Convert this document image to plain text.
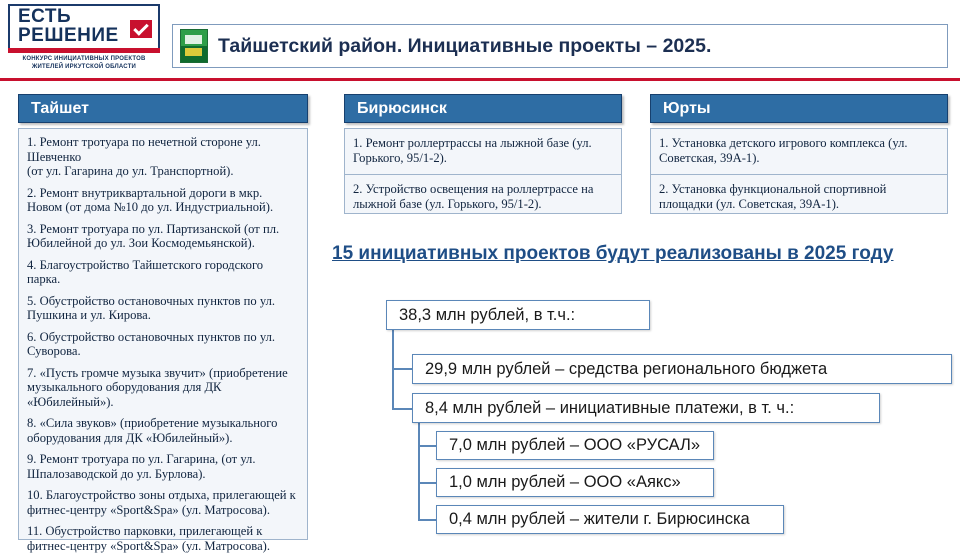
ЕСТЬ
РЕШЕНИЕ
КОНКУРС ИНИЦИАТИВНЫХ ПРОЕКТОВ ЖИТЕЛЕЙ ИРКУТСКОЙ ОБЛАСТИ
Тайшетский район. Инициативные проекты – 2025.
Тайшет	Бирюсинск	Юрты

1. Ремонт тротуара по нечетной стороне ул. Шевченко

(от ул. Гагарина до ул. Транспортной).

2. Ремонт внутриквартальной дороги в мкр. Новом (от дома №10 до ул. Индустриальной).

3. Ремонт тротуара по ул. Партизанской (от пл. Юбилейной до ул. Зои Космодемьянской).

4. Благоустройство Тайшетского городского парка.

5. Обустройство остановочных пунктов по ул. Пушкина и ул. Кирова.

6. Обустройство остановочных пунктов по ул. Суворова.

7. «Пусть громче музыка звучит» (приобретение музыкального оборудования для ДК «Юбилейный»).

8. «Сила звуков» (приобретение музыкального оборудования для ДК «Юбилейный»).

9. Ремонт тротуара по ул. Гагарина, (от ул. Шпалозаводской до ул. Бурлова).

10. Благоустройство зоны отдыха, прилегающей к фитнес-центру «Sport&Spa» (ул. Матросова).

11. Обустройство парковки, прилегающей к фитнес-центру «Sport&Spa» (ул. Матросова).

1. Ремонт роллертрассы на лыжной базе (ул. Горького, 95/1-2).

2. Устройство освещения на роллертрассе на лыжной базе (ул. Горького, 95/1-2).

1. Установка детского игрового комплекса (ул. Советская, 39А-1).

2. Установка функциональной спортивной площадки (ул. Советская, 39А-1).

15 инициативных проектов будут реализованы в 2025 году
38,3 млн рублей, в т.ч.:
29,9 млн рублей – средства регионального бюджета
8,4 млн рублей – инициативные платежи, в т. ч.:
7,0 млн рублей – ООО «РУСАЛ»
1,0 млн рублей – ООО «Аякс»
0,4 млн рублей – жители г. Бирюсинска
